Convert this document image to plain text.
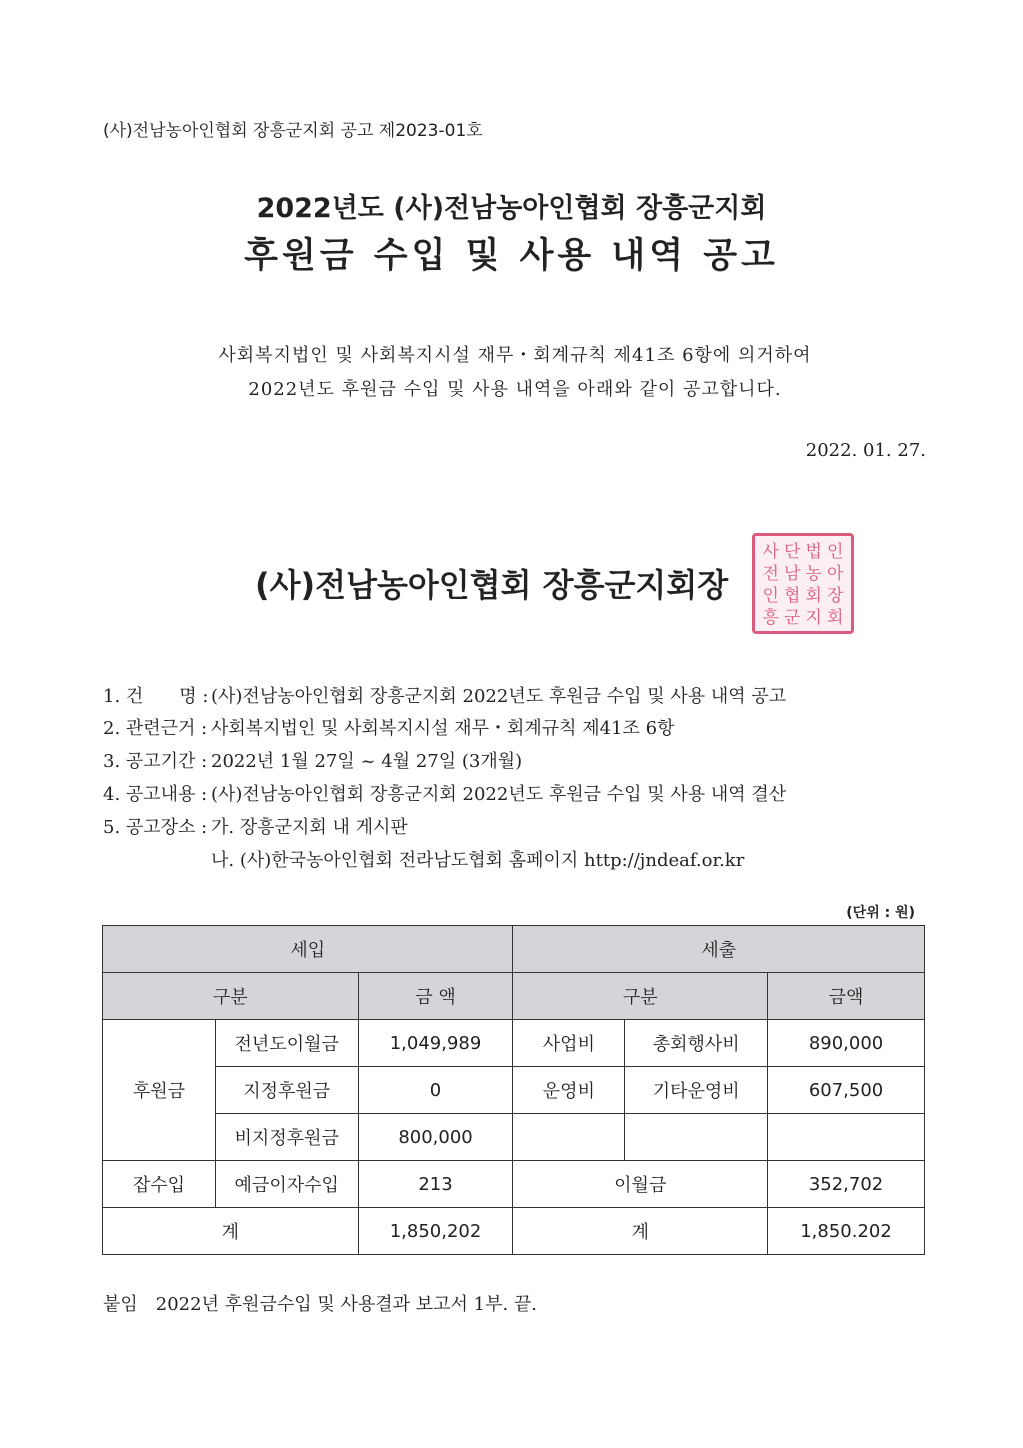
(사)전남농아인협회 장흥군지회 공고 제2023-01호
2022년도 (사)전남농아인협회 장흥군지회
후원금 수입 및 사용 내역 공고
사회복지법인 및 사회복지시설 재무・회계규칙 제41조 6항에 의거하여
2022년도 후원금 수입 및 사용 내역을 아래와 같이 공고합니다.
2022. 01. 27.
사 단 법 인
전 남 농 아
인 협 회 장
흥 군 지 회
(사)전남농아인협회 장흥군지회장
1. 건　　명 : (사)전남농아인협회 장흥군지회 2022년도 후원금 수입 및 사용 내역 공고
2. 관련근거 : 사회복지법인 및 사회복지시설 재무・회계규칙 제41조 6항
3. 공고기간 : 2022년 1월 27일 ~ 4월 27일 (3개월)
4. 공고내용 : (사)전남농아인협회 장흥군지회 2022년도 후원금 수입 및 사용 내역 결산
5. 공고장소 : 가. 장흥군지회 내 게시판
나. (사)한국농아인협회 전라남도협회 홈페이지 http://jndeaf.or.kr
(단위 : 원)
세입			세출		
구분		금 액	구분		금액
후원금	전년도이월금	1,049,989	사업비	총회행사비	890,000
	지정후원금	0	운영비	기타운영비	607,500
	비지정후원금	800,000			
잡수입	예금이자수입	213	이월금		352,702
계		1,850,202	계		1,850.202
붙임　2022년 후원금수입 및 사용결과 보고서 1부. 끝.
